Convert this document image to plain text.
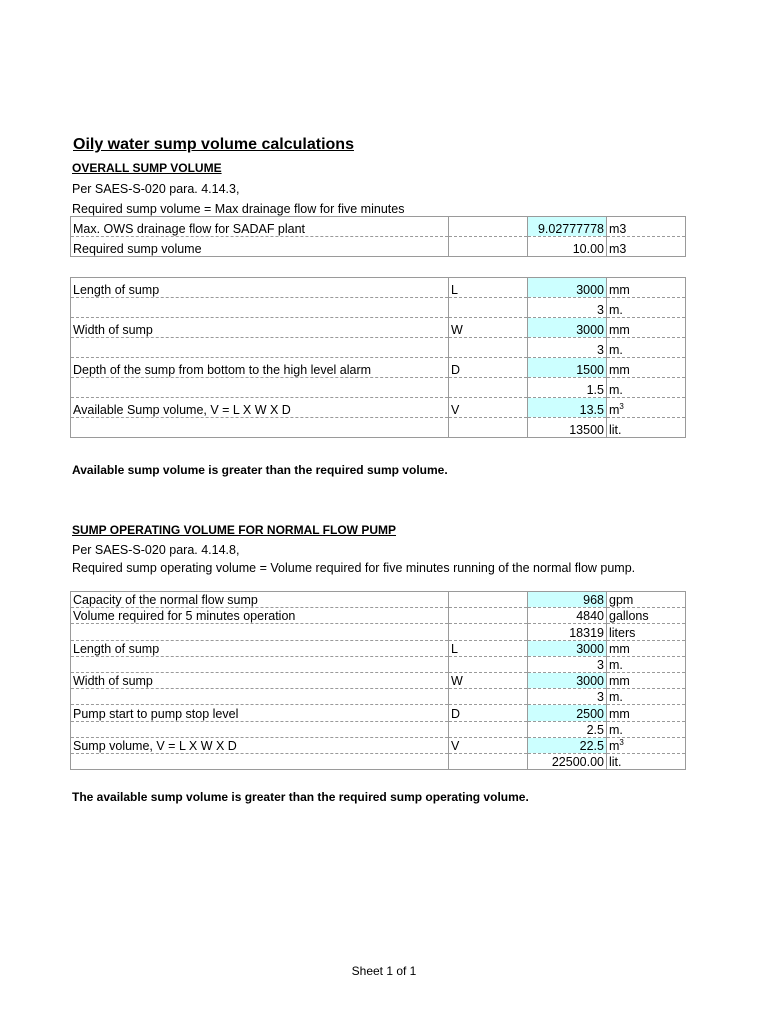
Oily water sump volume calculations
OVERALL SUMP VOLUME
Per SAES-S-020 para. 4.14.3,
Required sump volume = Max drainage flow for five minutes
Max. OWS drainage flow for SADAF plant		9.02777778	m3
Required sump volume		10.00	m3
Length of sump	L	3000	mm
		3	m.
Width of sump	W	3000	mm
		3	m.
Depth of the sump from bottom to the high level alarm	D	1500	mm
		1.5	m.
Available Sump volume, V = L X W X D	V	13.5	$m^3$
		13500	lit.
Available sump volume is greater than the required sump volume.
SUMP OPERATING VOLUME FOR NORMAL FLOW PUMP
Per SAES-S-020 para. 4.14.8,
Required sump operating volume = Volume required for five minutes running of the normal flow pump.
Capacity of the normal flow sump		968	gpm
Volume required for 5 minutes operation		4840	gallons
		18319	liters
Length of sump	L	3000	mm
		3	m.
Width of sump	W	3000	mm
		3	m.
Pump start to pump stop level	D	2500	mm
		2.5	m.
Sump volume, V = L X W X D	V	22.5	$m^3$
		22500.00	lit.
The available sump volume is greater than the required sump operating volume.
Sheet 1 of 1
